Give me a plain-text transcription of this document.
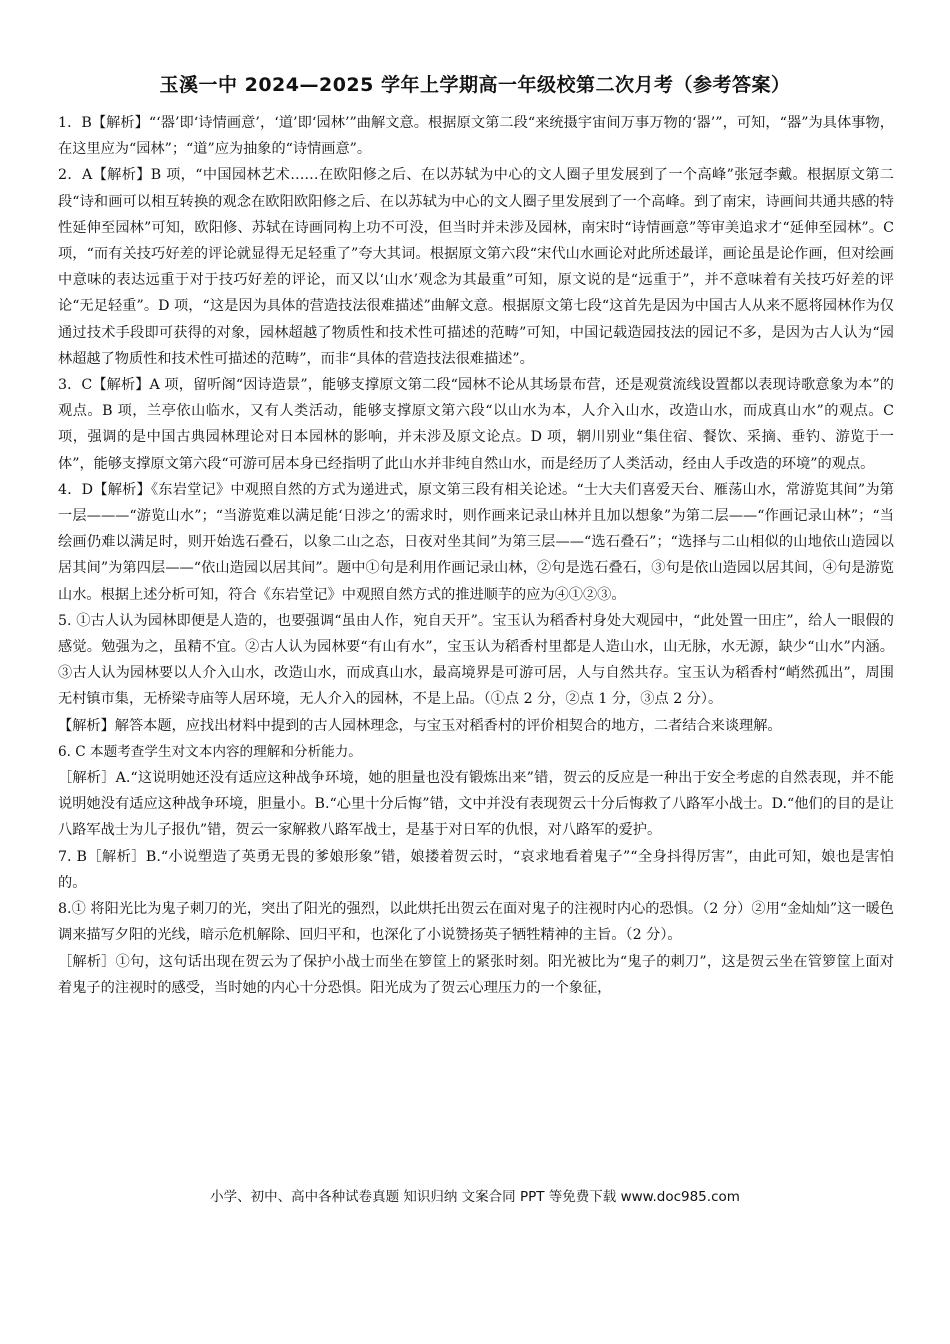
玉溪一中 2024—2025 学年上学期高一年级校第二次月考（参考答案）

1．B【解析】“‘器’即‘诗情画意’，‘道’即‘园林’”曲解文意。根据原文第二段“来统摄宇宙间万事万物的‘器’”，可知，“器”为具体事物，在这里应为“园林”；“道”应为抽象的“诗情画意”。

2．A【解析】B 项，“中国园林艺术……在欧阳修之后、在以苏轼为中心的文人圈子里发展到了一个高峰”张冠李戴。根据原文第二段“诗和画可以相互转换的观念在欧阳欧阳修之后、在以苏轼为中心的文人圈子里发展到了一个高峰。到了南宋，诗画间共通共感的特性延伸至园林”可知，欧阳修、苏轼在诗画同构上功不可没，但当时并未涉及园林，南宋时“诗情画意”等审美追求才“延伸至园林”。C 项，“而有关技巧好差的评论就显得无足轻重了”夸大其词。根据原文第六段“宋代山水画论对此所述最详，画论虽是论作画，但对绘画中意味的表达远重于对于技巧好差的评论，而又以‘山水’观念为其最重”可知，原文说的是“远重于”，并不意味着有关技巧好差的评论“无足轻重”。D 项，“这是因为具体的营造技法很难描述”曲解文意。根据原文第七段“这首先是因为中国古人从来不愿将园林作为仅通过技术手段即可获得的对象，园林超越了物质性和技术性可描述的范畴”可知，中国记载造园技法的园记不多，是因为古人认为“园林超越了物质性和技术性可描述的范畴”，而非“具体的营造技法很难描述”。

3．C【解析】A 项，留听阁“因诗造景”，能够支撑原文第二段“园林不论从其场景布营，还是观赏流线设置都以表现诗歌意象为本”的观点。B 项，兰亭依山临水，又有人类活动，能够支撑原文第六段“以山水为本，人介入山水，改造山水，而成真山水”的观点。C 项，强调的是中国古典园林理论对日本园林的影响，并未涉及原文论点。D 项，辋川别业“集住宿、餐饮、采摘、垂钓、游览于一体”，能够支撑原文第六段“可游可居本身已经指明了此山水并非纯自然山水，而是经历了人类活动，经由人手改造的环境”的观点。

4．D【解析】《东岩堂记》中观照自然的方式为递进式，原文第三段有相关论述。“士大夫们喜爱天台、雁荡山水，常游览其间”为第一层———“游览山水”；“当游览难以满足能‘日涉之’的需求时，则作画来记录山林并且加以想象”为第二层——“作画记录山林”；“当绘画仍难以满足时，则开始选石叠石，以象二山之态，日夜对坐其间”为第三层——“选石叠石”；“选择与二山相似的山地依山造园以居其间”为第四层——“依山造园以居其间”。题中①句是利用作画记录山林，②句是选石叠石，③句是依山造园以居其间，④句是游览山水。根据上述分析可知，符合《东岩堂记》中观照自然方式的推进顺芋的应为④①②③。

5. ①古人认为园林即便是人造的，也要强调“虽由人作，宛自天开”。宝玉认为稻香村身处大观园中，“此处置一田庄”，给人一眼假的感觉。勉强为之，虽精不宜。②古人认为园林要“有山有水”，宝玉认为稻香村里都是人造山水，山无脉，水无源，缺少“山水”内涵。③古人认为园林要以人介入山水，改造山水，而成真山水，最高境界是可游可居，人与自然共存。宝玉认为稻香村“峭然孤出”，周围无村镇市集，无桥梁寺庙等人居环境，无人介入的园林，不是上品。（①点 2 分，②点 1 分，③点 2 分）。

【解析】解答本题，应找出材料中提到的古人园林理念，与宝玉对稻香村的评价相契合的地方，二者结合来谈理解。

6. C 本题考查学生对文本内容的理解和分析能力。

［解析］A.“这说明她还没有适应这种战争环境，她的胆量也没有锻炼出来”错，贺云的反应是一种出于安全考虑的自然表现，并不能说明她没有适应这种战争环境，胆量小。B.“心里十分后悔”错，文中并没有表现贺云十分后悔救了八路军小战士。D.“他们的目的是让八路军战士为儿子报仇”错，贺云一家解救八路军战士，是基于对日军的仇恨，对八路军的爱护。

7. B［解析］B.“小说塑造了英勇无畏的爹娘形象”错，娘搂着贺云时，“哀求地看着鬼子”“全身抖得厉害”，由此可知，娘也是害怕的。

8.① 将阳光比为鬼子刺刀的光，突出了阳光的强烈，以此烘托出贺云在面对鬼子的注视时内心的恐惧。（2 分）②用“金灿灿”这一暖色调来描写夕阳的光线，暗示危机解除、回归平和，也深化了小说赞扬英子牺牲精神的主旨。（2 分）。

［解析］①句，这句话出现在贺云为了保护小战士而坐在箩筐上的紧张时刻。阳光被比为“鬼子的刺刀”，这是贺云坐在管箩筐上面对着鬼子的注视时的感受，当时她的内心十分恐惧。阳光成为了贺云心理压力的一个象征，

小学、初中、高中各种试卷真题 知识归纳 文案合同 PPT 等免费下载 www.doc985.com
